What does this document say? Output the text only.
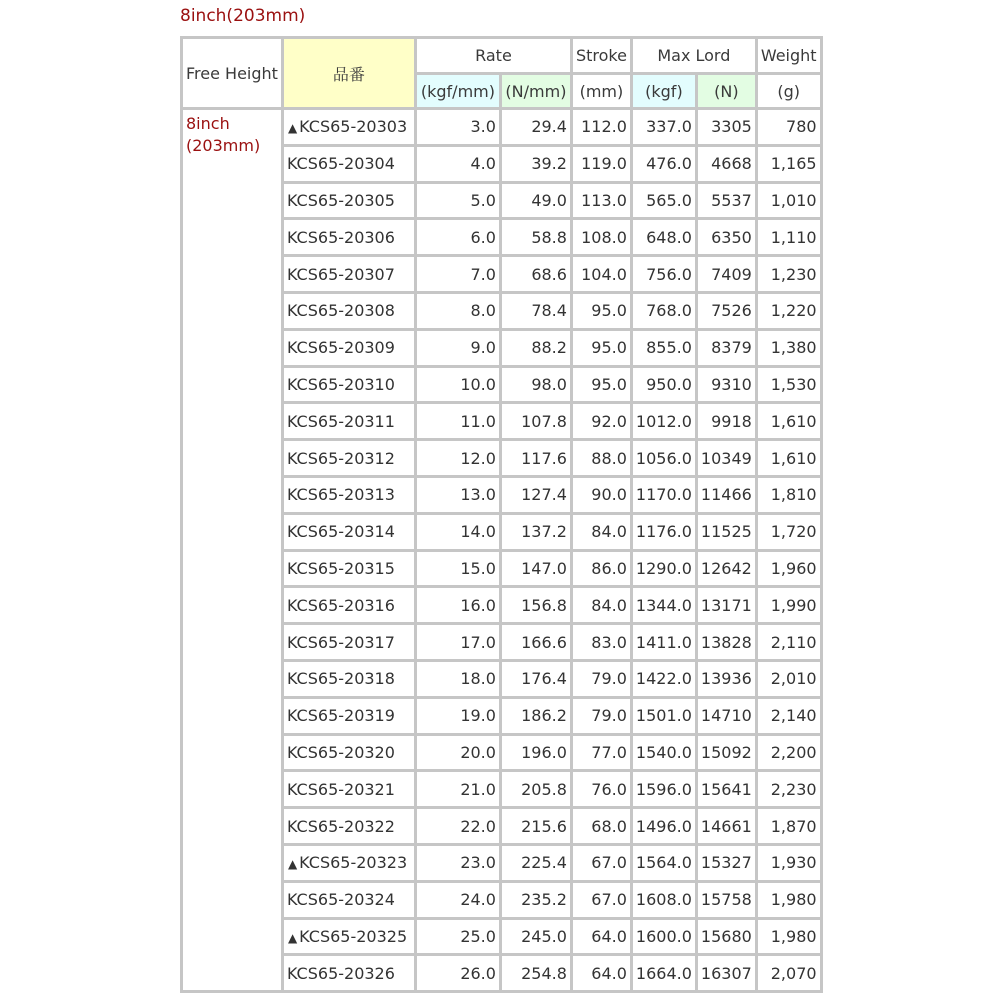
8inch(203mm)
Free Height	品番	Rate		Stroke	Max Lord		Weight
		(kgf/mm)	(N/mm)	(mm)	(kgf)	(N)	(g)

8inch
(203mm)	▲ KCS65-20303	3.0	29.4	112.0	337.0	3305	780
	KCS65-20304	4.0	39.2	119.0	476.0	4668	1,165
	KCS65-20305	5.0	49.0	113.0	565.0	5537	1,010
	KCS65-20306	6.0	58.8	108.0	648.0	6350	1,110
	KCS65-20307	7.0	68.6	104.0	756.0	7409	1,230
	KCS65-20308	8.0	78.4	95.0	768.0	7526	1,220
	KCS65-20309	9.0	88.2	95.0	855.0	8379	1,380
	KCS65-20310	10.0	98.0	95.0	950.0	9310	1,530
	KCS65-20311	11.0	107.8	92.0	1012.0	9918	1,610
	KCS65-20312	12.0	117.6	88.0	1056.0	10349	1,610
	KCS65-20313	13.0	127.4	90.0	1170.0	11466	1,810
	KCS65-20314	14.0	137.2	84.0	1176.0	11525	1,720
	KCS65-20315	15.0	147.0	86.0	1290.0	12642	1,960
	KCS65-20316	16.0	156.8	84.0	1344.0	13171	1,990
	KCS65-20317	17.0	166.6	83.0	1411.0	13828	2,110
	KCS65-20318	18.0	176.4	79.0	1422.0	13936	2,010
	KCS65-20319	19.0	186.2	79.0	1501.0	14710	2,140
	KCS65-20320	20.0	196.0	77.0	1540.0	15092	2,200
	KCS65-20321	21.0	205.8	76.0	1596.0	15641	2,230
	KCS65-20322	22.0	215.6	68.0	1496.0	14661	1,870
	▲ KCS65-20323	23.0	225.4	67.0	1564.0	15327	1,930
	KCS65-20324	24.0	235.2	67.0	1608.0	15758	1,980
	▲ KCS65-20325	25.0	245.0	64.0	1600.0	15680	1,980
	KCS65-20326	26.0	254.8	64.0	1664.0	16307	2,070
